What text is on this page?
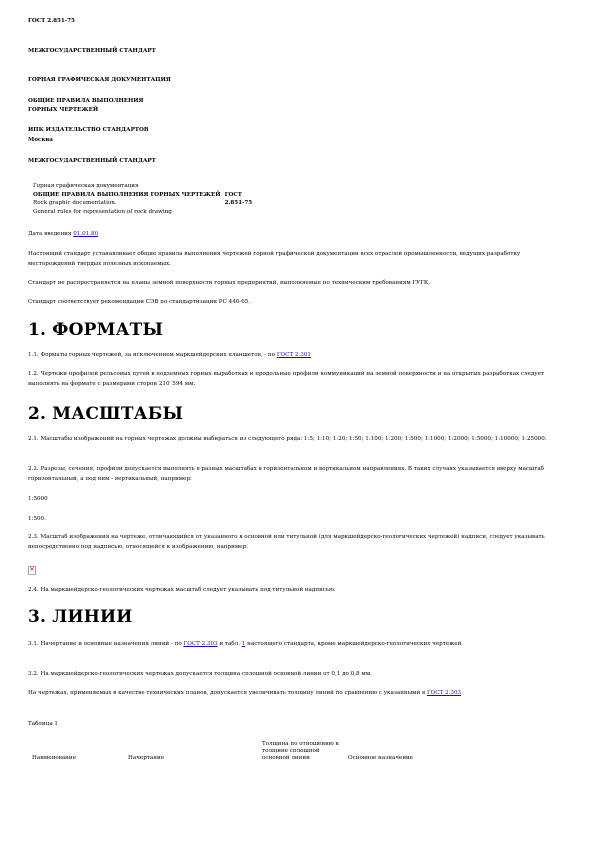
ГОСТ 2.851-75

МЕЖГОСУДАРСТВЕННЫЙ СТАНДАРТ

ГОРНАЯ ГРАФИЧЕСКАЯ ДОКУМЕНТАЦИЯ

ОБЩИЕ ПРАВИЛА ВЫПОЛНЕНИЯ

ГОРНЫХ ЧЕРТЕЖЕЙ

ИПК ИЗДАТЕЛЬСТВО СТАНДАРТОВ

Москва

МЕЖГОСУДАРСТВЕННЫЙ СТАНДАРТ

Горная графическая документация
ОБЩИЕ ПРАВИЛА ВЫПОЛНЕНИЯ ГОРНЫХ ЧЕРТЕЖЕЙ
Rock graphic documentation.
General rules for representation of rock drawing

ГОСТ
2.851-75

Дата введения 01.01.80

Настоящий стандарт устанавливает общие правила выполнения чертежей горной графической документации всех отраслей промышленности, ведущих разработку месторождений твердых полезных ископаемых.

Стандарт не распространяется на планы земной поверхности горных предприятий, выполняемые по техническим требованиям ГУГК.

Стандарт соответствует рекомендации СЭВ по стандартизации РС 446-65.

1. ФОРМАТЫ

1.1. Форматы горных чертежей, за исключением маркшейдерских планшетов, - по ГОСТ 2.301

1.2. Чертежи профилей рельсовых путей в подземных горных выработках и продольные профили коммуникаций на земной поверхности и на открытых разработках следует выполнять на формате с размерами сторон 210´594 мм.

2. МАСШТАБЫ

2.1. Масштабы изображений на горных чертежах должны выбираться из следующего ряда: 1:5; 1:10; 1:20; 1:50; 1:100; 1:200; 1:500; 1:1000; 1:2000; 1:5000; 1:10000; 1:25000.

2.2. Разрезы, сечения, профили допускается выполнять в разных масштабах в горизонтальном и вертикальном направлениях. В таких случаях указывается вверху масштаб горизонтальный, а под ним - вертикальный, например:

1:5000

1:500.

2.3. Масштаб изображения на чертеже, отличающийся от указанного в основной или титульной (для маркшейдерско-геологических чертежей) надписи, следует указывать непосредственно под надписью, относящейся к изображению, например:

✕

2.4. На маркшейдерско-геологических чертежах масштаб следует указывать под титульной надписью.

3. ЛИНИИ

3.1. Начертание и основные назначения линий - по ГОСТ 2.303 и табл. 1 настоящего стандарта, кроме маркшейдерско-геологических чертежей.

3.2. На маркшейдерско-геологических чертежах допускается толщина сплошной основной линии от 0,1 до 0,8 мм.

На чертежах, применяемых в качестве технических планов, допускается увеличивать толщину линий по сравнению с указанными в ГОСТ 2.303

Таблица 1

Наименование	Начертание	Толщина по отношению к толщине сплошной основной линии	Основное назначение
